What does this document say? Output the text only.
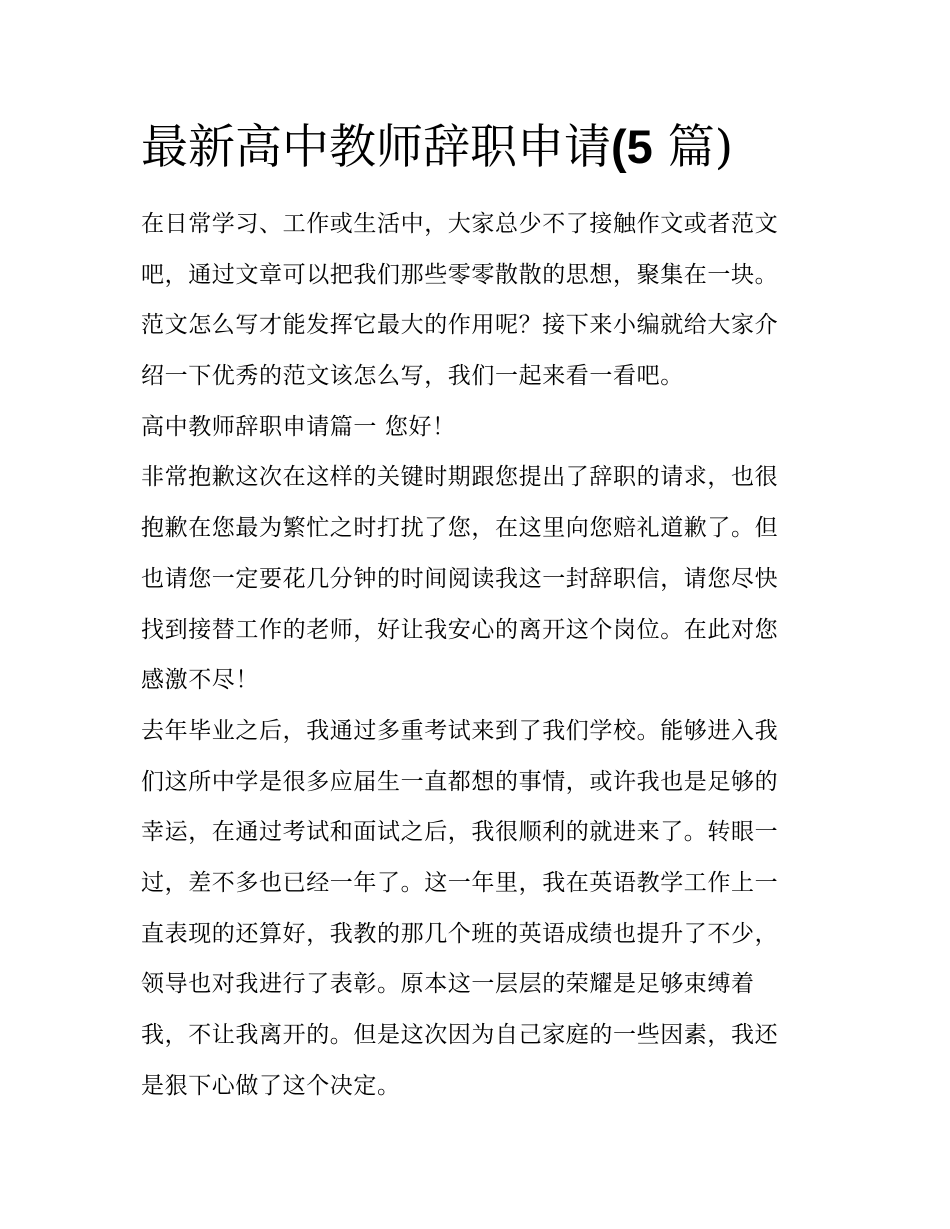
最新高中教师辞职申请(5 篇)

在日常学习、工作或生活中，大家总少不了接触作文或者范文
吧，通过文章可以把我们那些零零散散的思想，聚集在一块。
范文怎么写才能发挥它最大的作用呢？接下来小编就给大家介
绍一下优秀的范文该怎么写，我们一起来看一看吧。

高中教师辞职申请篇一 您好！

非常抱歉这次在这样的关键时期跟您提出了辞职的请求，也很
抱歉在您最为繁忙之时打扰了您，在这里向您赔礼道歉了。但
也请您一定要花几分钟的时间阅读我这一封辞职信，请您尽快
找到接替工作的老师，好让我安心的离开这个岗位。在此对您
感激不尽！

去年毕业之后，我通过多重考试来到了我们学校。能够进入我
们这所中学是很多应届生一直都想的事情，或许我也是足够的
幸运，在通过考试和面试之后，我很顺利的就进来了。转眼一
过，差不多也已经一年了。这一年里，我在英语教学工作上一
直表现的还算好，我教的那几个班的英语成绩也提升了不少，
领导也对我进行了表彰。原本这一层层的荣耀是足够束缚着
我，不让我离开的。但是这次因为自己家庭的一些因素，我还
是狠下心做了这个决定。
